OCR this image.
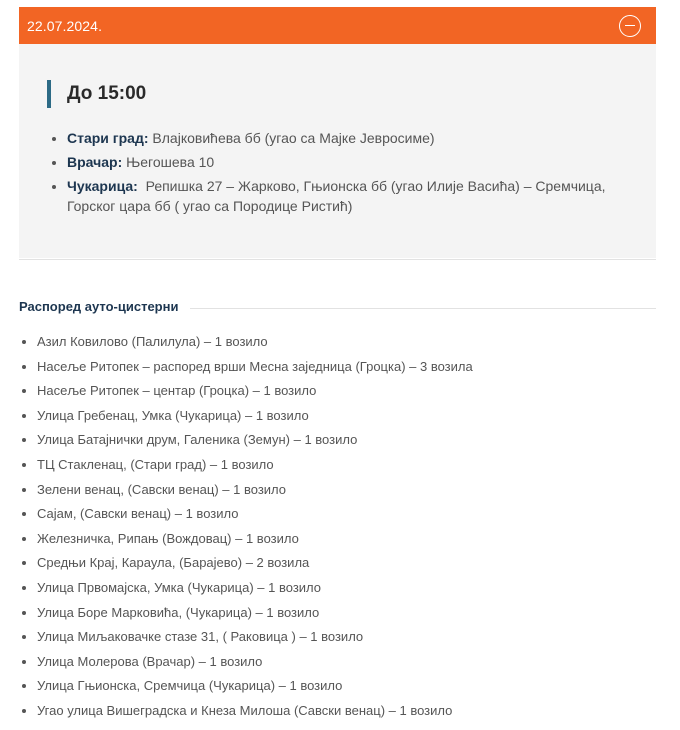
22.07.2024.
До 15:00
• Стари град: Влајковићева бб (угао са Мајке Јевросиме)
• Врачар: Његошева 10
• Чукарица: Репишка 27 – Жарково, Гњионска бб (угао Илије Васића) – Сремчица, Горског цара бб ( угао са Породице Ристић)
Распоред ауто-цистерни
• Азил Ковилово (Палилула) – 1 возило
• Насеље Ритопек – распоред врши Месна заједница (Гроцка) – 3 возила
• Насеље Ритопек – центар (Гроцка) – 1 возило
• Улица Гребенац, Умка (Чукарица) – 1 возило
• Улица Батајнички друм, Галеника (Земун) – 1 возило
• ТЦ Стакленац, (Стари град) – 1 возило
• Зелени венац, (Савски венац) – 1 возило
• Сајам, (Савски венац) – 1 возило
• Железничка, Рипањ (Вождовац) – 1 возило
• Средњи Крај, Караула, (Барајево) – 2 возила
• Улица Првомајска, Умка (Чукарица) – 1 возило
• Улица Боре Марковића, (Чукарица) – 1 возило
• Улица Миљаковачке стазе 31, ( Раковица ) – 1 возило
• Улица Молерова (Врачар) – 1 возило
• Улица Гњионска, Сремчица (Чукарица) – 1 возило
• Угао улица Вишеградска и Кнеза Милоша (Савски венац) – 1 возило
